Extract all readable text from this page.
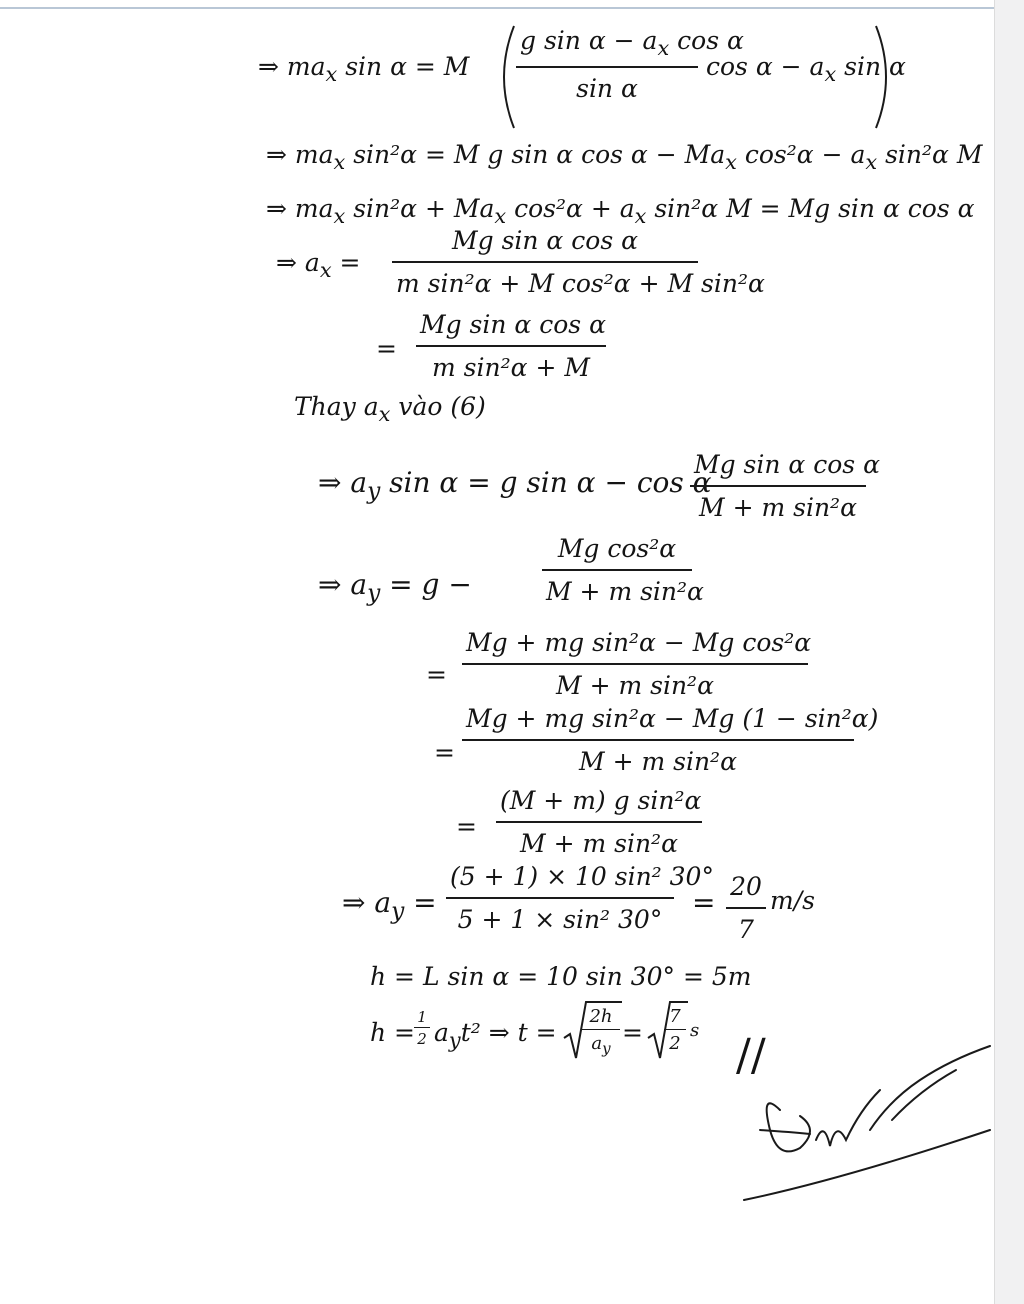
⇒ $ma_x$ sin α = M
g $\sin \alpha - a_x$ cos α
sin α
$\cos \alpha - a_x$ sin α
⇒ $ma_x$ sin²α = M g sin α $\cos \alpha - Ma_x$ $\cos^2\alpha - a_x$ sin²α M
⇒ $ma_x$ $\sin^2\alpha + Ma_x$ $\cos^2\alpha + a_x$ sin²α M = Mg sin α cos α
⇒ $a_x$ =
Mg sin α cos α
m sin²α + M cos²α + M sin²α
=
Mg sin α cos α
m sin²α + M
Thay $a_x$ vào (6)
⇒ $a_y$ sin α = g sin α − cos α
Mg sin α cos α
M + m sin²α
⇒ $a_y = g$ −
Mg cos²α
M + m sin²α
=
Mg + mg sin²α − Mg cos²α
M + m sin²α
=
Mg + mg sin²α − Mg (1 − sin²α)
M + m sin²α
=
(M + m) g sin²α
M + m sin²α
⇒ $a_y$ =
(5 + 1) × 10 sin² 30°
5 + 1 × sin² 30°
= 20
7
m/s
h = L sin α = 10 sin 30° = 5m
h =
1
2 $a_yt^2$ ⇒ t =
2h
$a_y$
=
7
2
s //
